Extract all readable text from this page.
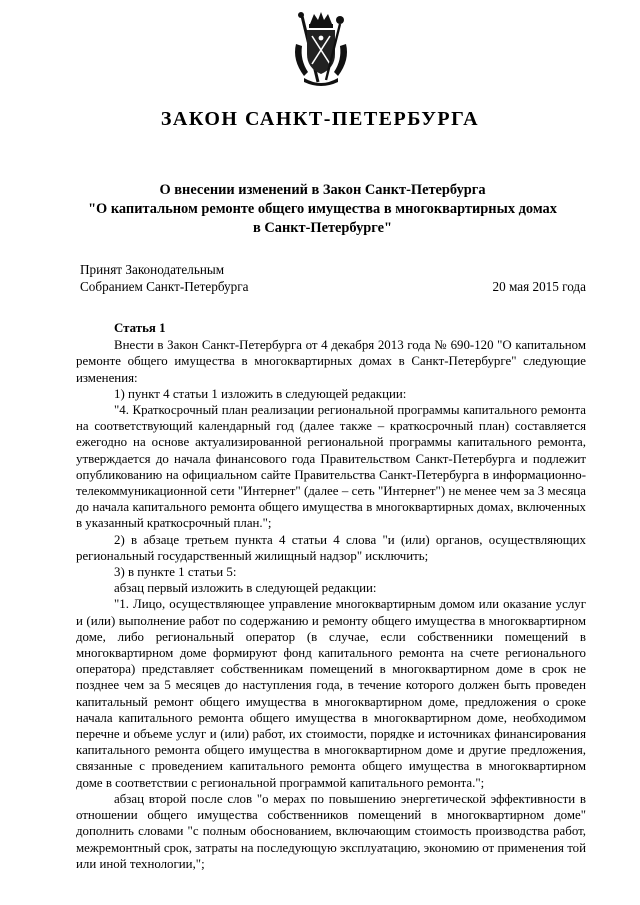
ЗАКОН САНКТ-ПЕТЕРБУРГА
О внесении изменений в Закон Санкт-Петербурга
"О капитальном ремонте общего имущества в многоквартирных домах
в Санкт-Петербурге"
Принят Законодательным
Собранием Санкт-Петербурга	20 мая 2015 года

Статья 1

Внести в Закон Санкт-Петербурга от 4 декабря 2013 года № 690-120 "О капитальном ремонте общего имущества в многоквартирных домах в Санкт-Петербурге" следующие изменения:

1) пункт 4 статьи 1 изложить в следующей редакции:

"4. Краткосрочный план реализации региональной программы капитального ремонта на соответствующий календарный год (далее также – краткосрочный план) составляется ежегодно на основе актуализированной региональной программы капитального ремонта, утверждается до начала финансового года Правительством Санкт-Петербурга и подлежит опубликованию на официальном сайте Правительства Санкт-Петербурга в информационно-телекоммуникационной сети "Интернет" (далее – сеть "Интернет") не менее чем за 3 месяца до начала капитального ремонта общего имущества в многоквартирных домах, включенных в указанный краткосрочный план.";

2) в абзаце третьем пункта 4 статьи 4 слова "и (или) органов, осуществляющих региональный государственный жилищный надзор" исключить;

3) в пункте 1 статьи 5:

абзац первый изложить в следующей редакции:

"1. Лицо, осуществляющее управление многоквартирным домом или оказание услуг и (или) выполнение работ по содержанию и ремонту общего имущества в многоквартирном доме, либо региональный оператор (в случае, если собственники помещений в многоквартирном доме формируют фонд капитального ремонта на счете регионального оператора) представляет собственникам помещений в многоквартирном доме в срок не позднее чем за 5 месяцев до наступления года, в течение которого должен быть проведен капитальный ремонт общего имущества в многоквартирном доме, предложения о сроке начала капитального ремонта общего имущества в многоквартирном доме, необходимом перечне и объеме услуг и (или) работ, их стоимости, порядке и источниках финансирования капитального ремонта общего имущества в многоквартирном доме и другие предложения, связанные с проведением капитального ремонта общего имущества в многоквартирном доме в соответствии с региональной программой капитального ремонта.";

абзац второй после слов "о мерах по повышению энергетической эффективности в отношении общего имущества собственников помещений в многоквартирном доме" дополнить словами "с полным обоснованием, включающим стоимость производства работ, межремонтный срок, затраты на последующую эксплуатацию, экономию от применения той или иной технологии,";
